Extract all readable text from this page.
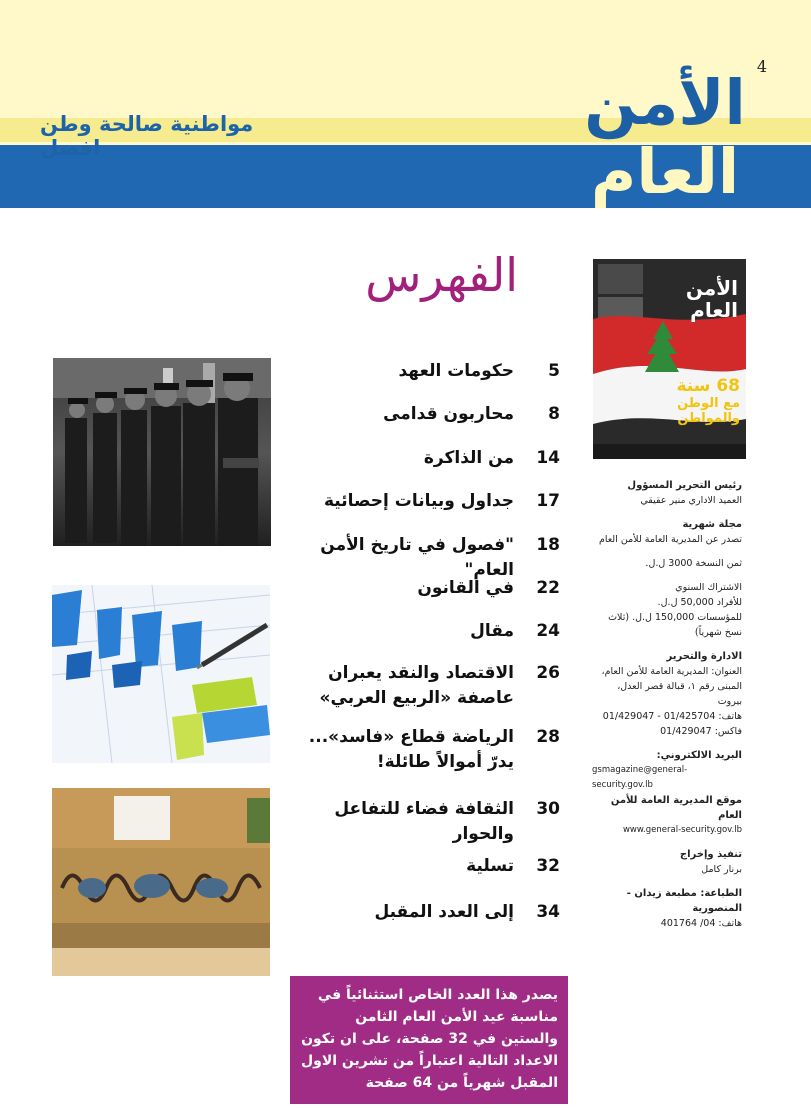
4
مواطنية صالحة وطن افضل
الأمن
العام
الفهرس
5
حكومات العهد
8
محاربون قدامى
14
من الذاكرة
17
جداول وبيانات إحصائية
18
"فصول في تاريخ الأمن العام"
22
في القانون
24
مقال
26
الاقتصاد والنقد يعبران عاصفة «الربيع العربي»
28
الرياضة قطاع «فاسد»... يدرّ أموالاً طائلة!
30
الثقافة فضاء للتفاعل والحوار
32
تسلية
34
إلى العدد المقبل
الأمن
العام
68 سنة
مع الوطن
والمواطن
رئيس التحرير المسؤول
العميد الاداري منير عقيقي
مجلة شهرية
تصدر عن المديرية العامة للأمن العام
ثمن النسخة 3000 ل.ل.
الاشتراك السنوي
للأفراد 50,000 ل.ل.
للمؤسسات 150,000 ل.ل. (ثلاث نسخ شهرياً)
الادارة والتحرير
العنوان: المديرية العامة للأمن العام،
المبنى رقم ١، قبالة قصر العدل، بيروت
هاتف: 01/425704 - 01/429047
فاكس: 01/429047
البريد الالكتروني:
gsmagazine@general-security.gov.lb
موقع المديرية العامة للأمن العام
www.general-security.gov.lb
تنفيذ وإخراج
برنار كامل
الطباعة: مطبعة زيدان - المنصورية
هاتف: 04/ 401764
يصدر هذا العدد الخاص استثنائياً في مناسبة عيد الأمن العام الثامن والستين في 32 صفحة، على ان تكون الاعداد التالية اعتباراً من تشرين الاول المقبل شهرياً من 64 صفحة
